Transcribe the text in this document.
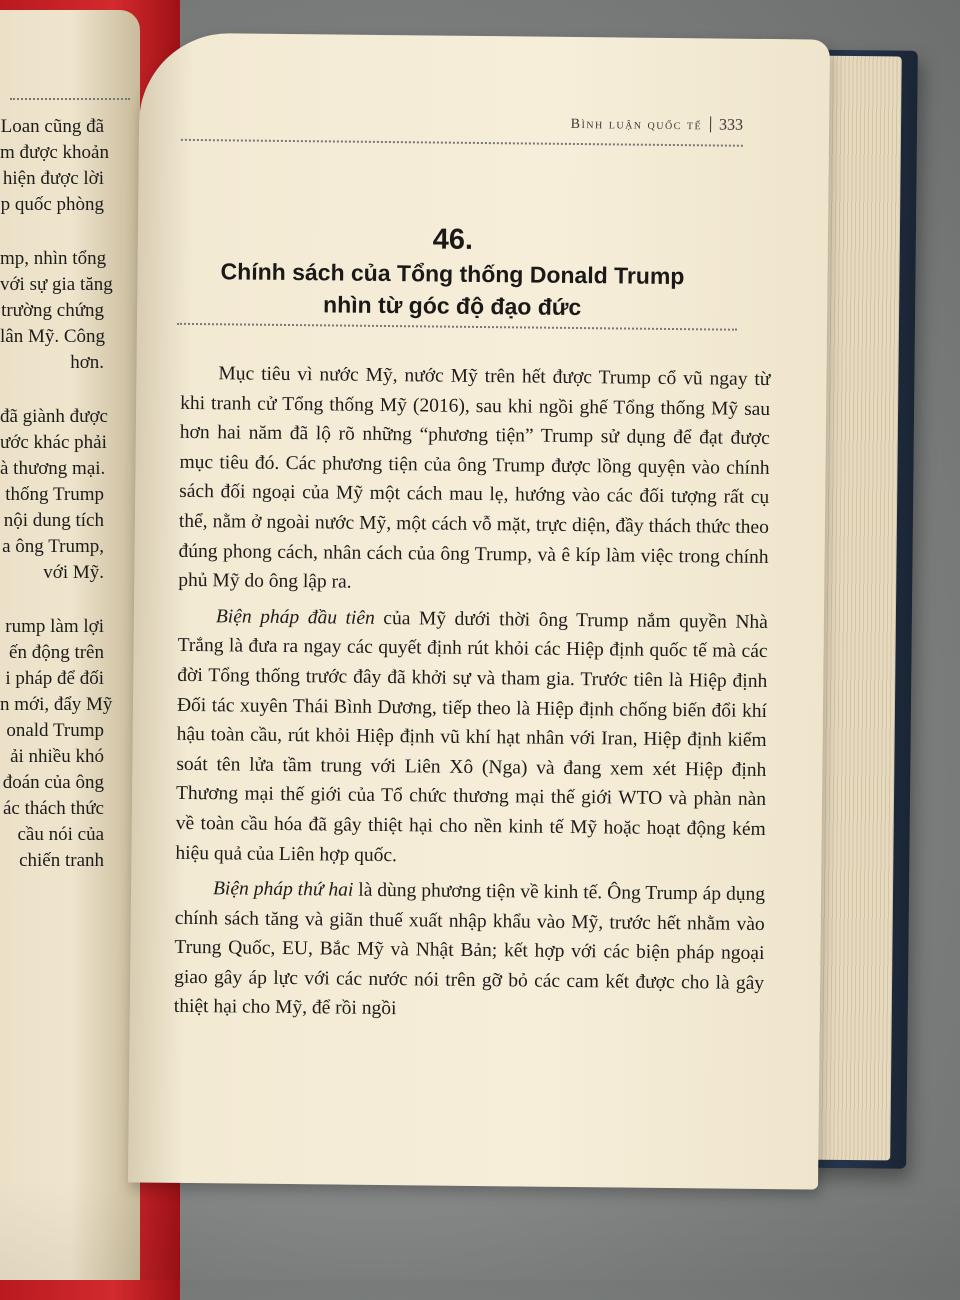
Loan cũng đã
m được khoản
hiện được lời
p quốc phòng
mp, nhìn tổng
với sự gia tăng
trường chứng
lân Mỹ. Công
hơn.
đã giành được
ước khác phải
à thương mại.
thống Trump
nội dung tích
a ông Trump,
với Mỹ.
rump làm lợi
ến động trên
i pháp để đối
n mới, đẩy Mỹ
onald Trump
ải nhiều khó
đoán của ông
ác thách thức
cầu nói của
chiến tranh
Bình luận quốc tế 333
46.
Chính sách của Tổng thống Donald Trump
nhìn từ góc độ đạo đức

Mục tiêu vì nước Mỹ, nước Mỹ trên hết được Trump cổ vũ ngay từ khi tranh cử Tổng thống Mỹ (2016), sau khi ngồi ghế Tổng thống Mỹ sau hơn hai năm đã lộ rõ những “phương tiện” Trump sử dụng để đạt được mục tiêu đó. Các phương tiện của ông Trump được lồng quyện vào chính sách đối ngoại của Mỹ một cách mau lẹ, hướng vào các đối tượng rất cụ thể, nằm ở ngoài nước Mỹ, một cách vỗ mặt, trực diện, đầy thách thức theo đúng phong cách, nhân cách của ông Trump, và ê kíp làm việc trong chính phủ Mỹ do ông lập ra.

Biện pháp đầu tiên của Mỹ dưới thời ông Trump nắm quyền Nhà Trắng là đưa ra ngay các quyết định rút khỏi các Hiệp định quốc tế mà các đời Tổng thống trước đây đã khởi sự và tham gia. Trước tiên là Hiệp định Đối tác xuyên Thái Bình Dương, tiếp theo là Hiệp định chống biến đổi khí hậu toàn cầu, rút khỏi Hiệp định vũ khí hạt nhân với Iran, Hiệp định kiểm soát tên lửa tầm trung với Liên Xô (Nga) và đang xem xét Hiệp định Thương mại thế giới của Tổ chức thương mại thế giới WTO và phàn nàn về toàn cầu hóa đã gây thiệt hại cho nền kinh tế Mỹ hoặc hoạt động kém hiệu quả của Liên hợp quốc.

Biện pháp thứ hai là dùng phương tiện về kinh tế. Ông Trump áp dụng chính sách tăng và giãn thuế xuất nhập khẩu vào Mỹ, trước hết nhằm vào Trung Quốc, EU, Bắc Mỹ và Nhật Bản; kết hợp với các biện pháp ngoại giao gây áp lực với các nước nói trên gỡ bỏ các cam kết được cho là gây thiệt hại cho Mỹ, để rồi ngồi
